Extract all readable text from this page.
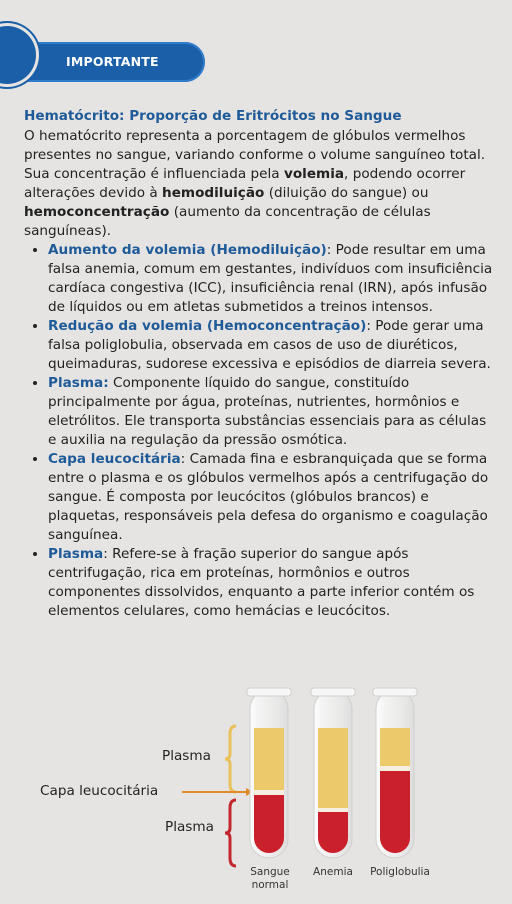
IMPORTANTE
Hematócrito: Proporção de Eritrócitos no Sangue

O hematócrito representa a porcentagem de glóbulos vermelhos presentes no sangue, variando conforme o volume sanguíneo total.

Sua concentração é influenciada pela volemia, podendo ocorrer alterações devido à hemodiluição (diluição do sangue) ou hemoconcentração (aumento da concentração de células sanguíneas).

• Aumento da volemia (Hemodiluição): Pode resultar em uma falsa anemia, comum em gestantes, indivíduos com insuficiência cardíaca congestiva (ICC), insuficiência renal (IRN), após infusão de líquidos ou em atletas submetidos a treinos intensos.
• Redução da volemia (Hemoconcentração): Pode gerar uma falsa poliglobulia, observada em casos de uso de diuréticos, queimaduras, sudorese excessiva e episódios de diarreia severa.
• Plasma: Componente líquido do sangue, constituído principalmente por água, proteínas, nutrientes, hormônios e eletrólitos. Ele transporta substâncias essenciais para as células e auxilia na regulação da pressão osmótica.
• Capa leucocitária: Camada fina e esbranquiçada que se forma entre o plasma e os glóbulos vermelhos após a centrifugação do sangue. É composta por leucócitos (glóbulos brancos) e plaquetas, responsáveis pela defesa do organismo e coagulação sanguínea.
• Plasma: Refere-se à fração superior do sangue após centrifugação, rica em proteínas, hormônios e outros componentes dissolvidos, enquanto a parte inferior contém os elementos celulares, como hemácias e leucócitos.
Plasma
Capa leucocitária
Plasma
Sangue
normal
Anemia	Poliglobulia
